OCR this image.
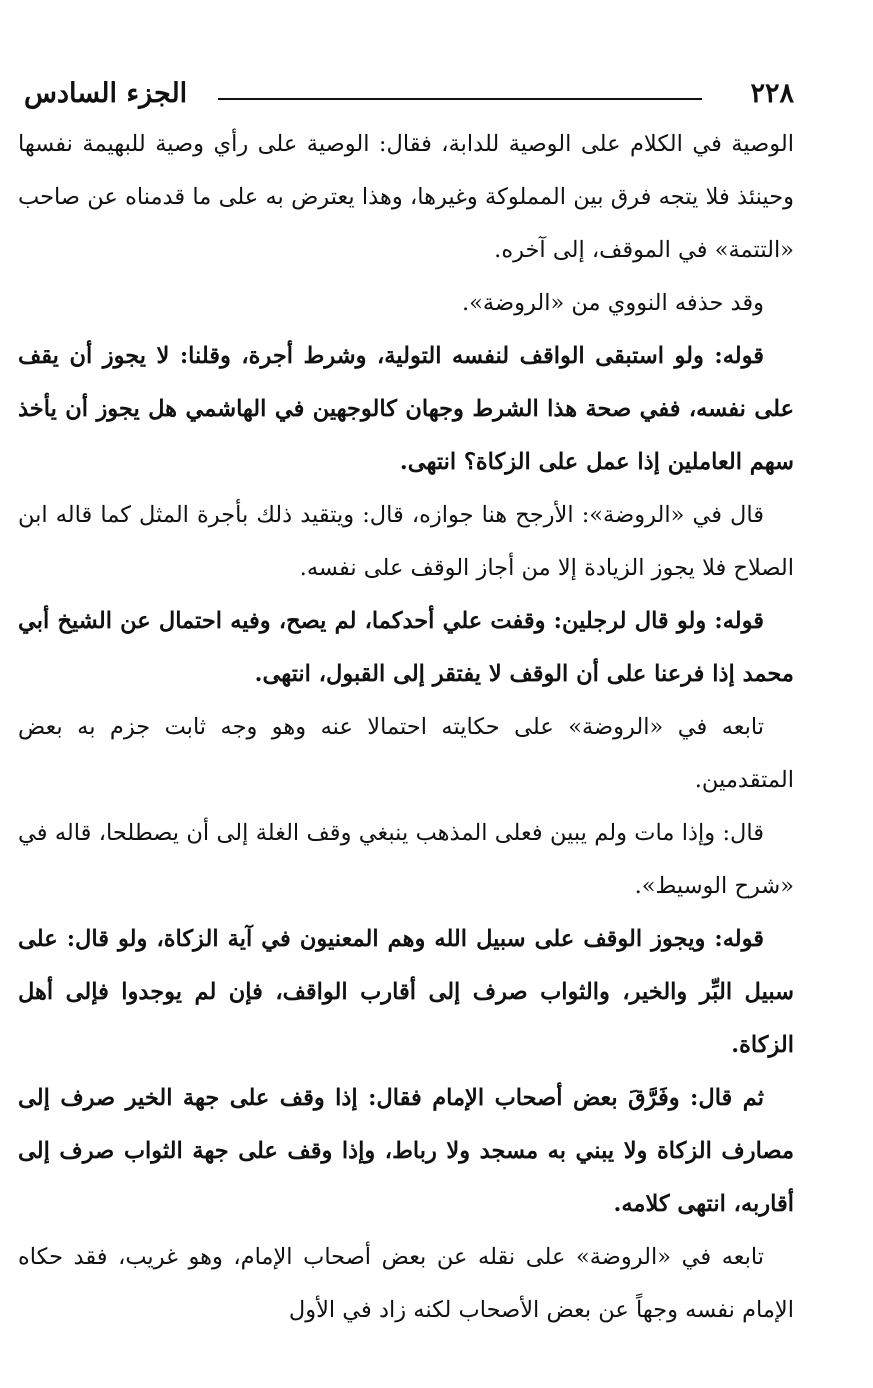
٢٢٨
الجزء السادس

الوصية في الكلام على الوصية للدابة، فقال: الوصية على رأي وصية للبهيمة نفسها وحينئذ فلا يتجه فرق بين المملوكة وغيرها، وهذا يعترض به على ما قدمناه عن صاحب «التتمة» في الموقف، إلى آخره.

وقد حذفه النووي من «الروضة».

قوله: ولو استبقى الواقف لنفسه التولية، وشرط أجرة، وقلنا: لا يجوز أن يقف على نفسه، ففي صحة هذا الشرط وجهان كالوجهين في الهاشمي هل يجوز أن يأخذ سهم العاملين إذا عمل على الزكاة؟ انتهى.

قال في «الروضة»: الأرجح هنا جوازه، قال: ويتقيد ذلك بأجرة المثل كما قاله ابن الصلاح فلا يجوز الزيادة إلا من أجاز الوقف على نفسه.

قوله: ولو قال لرجلين: وقفت علي أحدكما، لم يصح، وفيه احتمال عن الشيخ أبي محمد إذا فرعنا على أن الوقف لا يفتقر إلى القبول، انتهى.

تابعه في «الروضة» على حكايته احتمالا عنه وهو وجه ثابت جزم به بعض المتقدمين.

قال: وإذا مات ولم يبين فعلى المذهب ينبغي وقف الغلة إلى أن يصطلحا، قاله في «شرح الوسيط».

قوله: ويجوز الوقف على سبيل الله وهم المعنيون في آية الزكاة، ولو قال: على سبيل البِّر والخير، والثواب صرف إلى أقارب الواقف، فإن لم يوجدوا فإلى أهل الزكاة.

ثم قال: وفَرَّقَ بعض أصحاب الإمام فقال: إذا وقف على جهة الخير صرف إلى مصارف الزكاة ولا يبني به مسجد ولا رباط، وإذا وقف على جهة الثواب صرف إلى أقاربه، انتهى كلامه.

تابعه في «الروضة» على نقله عن بعض أصحاب الإمام، وهو غريب، فقد حكاه الإمام نفسه وجهاً عن بعض الأصحاب لكنه زاد في الأول
